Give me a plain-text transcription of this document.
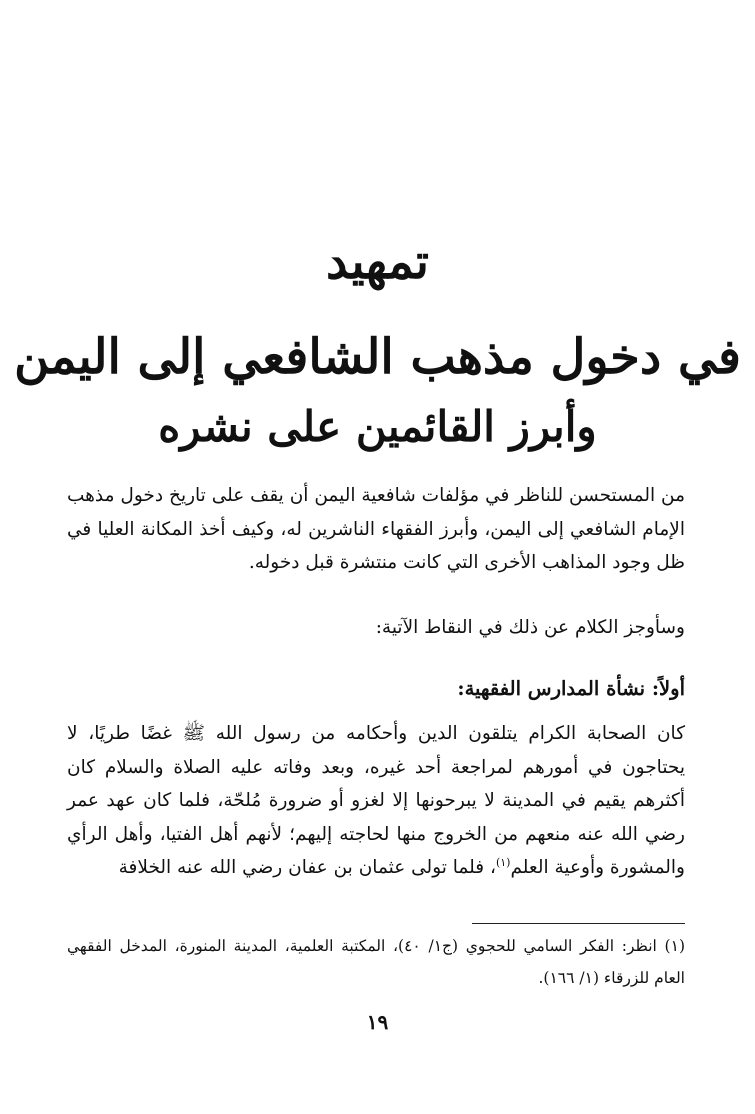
تمهيد
في دخول مذهب الشافعي إلى اليمن
وأبرز القائمين على نشره

من المستحسن للناظر في مؤلفات شافعية اليمن أن يقف على تاريخ دخول مذهب الإمام الشافعي إلى اليمن، وأبرز الفقهاء الناشرين له، وكيف أخذ المكانة العليا في ظل وجود المذاهب الأخرى التي كانت منتشرة قبل دخوله.

وسأوجز الكلام عن ذلك في النقاط الآتية:

أولاً: نشأة المدارس الفقهية:

كان الصحابة الكرام يتلقون الدين وأحكامه من رسول الله ﷺ غضًا طريًا، لا يحتاجون في أمورهم لمراجعة أحد غيره، وبعد وفاته عليه الصلاة والسلام كان أكثرهم يقيم في المدينة لا يبرحونها إلا لغزو أو ضرورة مُلحّة، فلما كان عهد عمر رضي الله عنه منعهم من الخروج منها لحاجته إليهم؛ لأنهم أهل الفتيا، وأهل الرأي والمشورة وأوعية العلم$^{(١)}$، فلما تولى عثمان بن عفان رضي الله عنه الخلافة

(١) انظر: الفكر السامي للحجوي (ج١/ ٤٠)، المكتبة العلمية، المدينة المنورة، المدخل الفقهي العام للزرقاء (١/ ١٦٦).
١٩
